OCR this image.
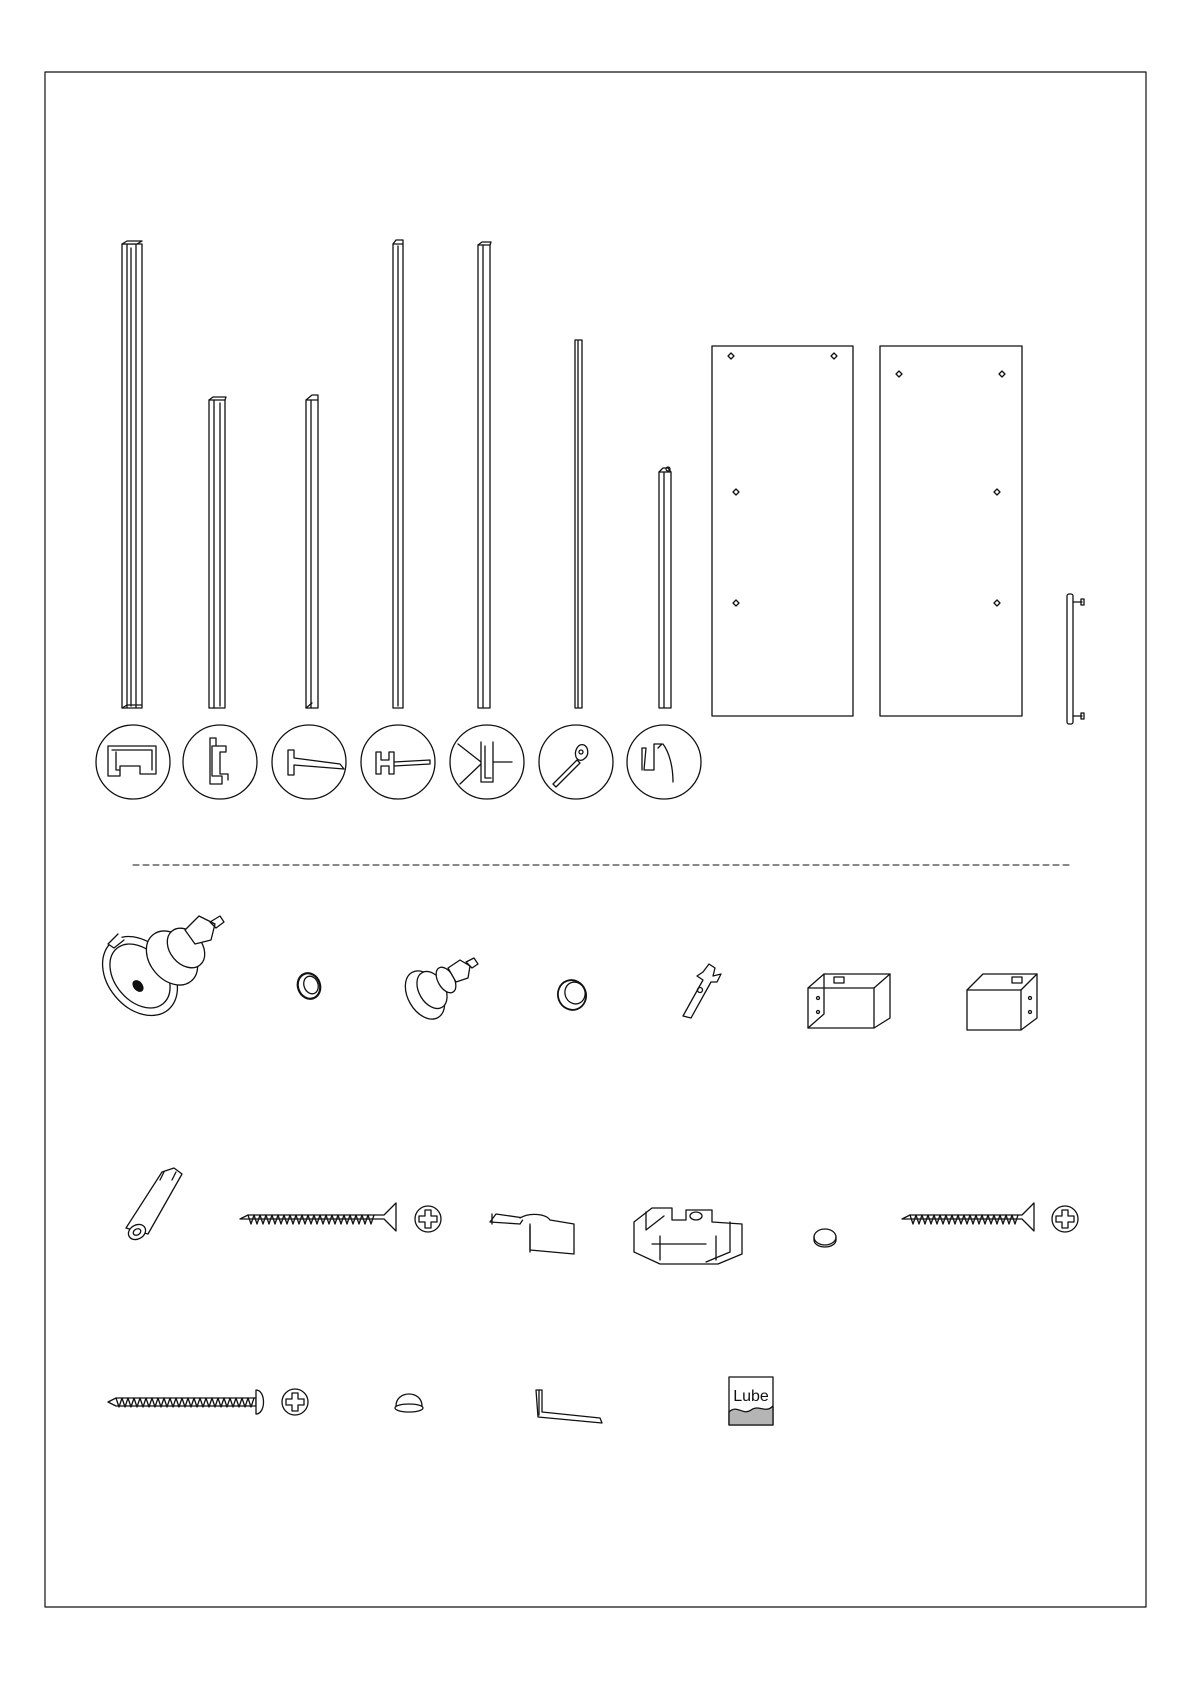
Lube
